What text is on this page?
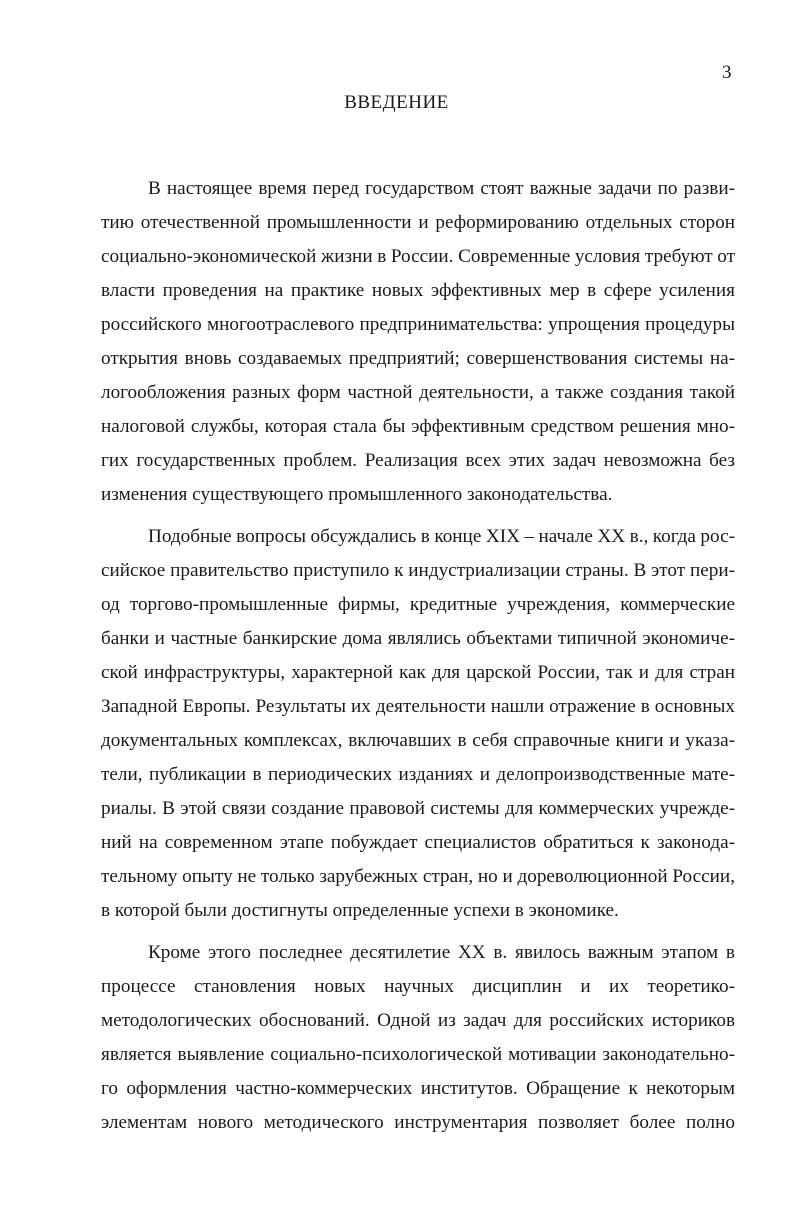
3
ВВЕДЕНИЕ
В настоящее время перед государством стоят важные задачи по разви-
тию отечественной промышленности и реформированию отдельных сторон
социально-экономической жизни в России. Современные условия требуют от
власти проведения на практике новых эффективных мер в сфере усиления
российского многоотраслевого предпринимательства: упрощения процедуры
открытия вновь создаваемых предприятий; совершенствования системы на-
логообложения разных форм частной деятельности, а также создания такой
налоговой службы, которая стала бы эффективным средством решения мно-
гих государственных проблем. Реализация всех этих задач невозможна без
изменения существующего промышленного законодательства.
Подобные вопросы обсуждались в конце XIX – начале XX в., когда рос-
сийское правительство приступило к индустриализации страны. В этот пери-
од торгово-промышленные фирмы, кредитные учреждения, коммерческие
банки и частные банкирские дома являлись объектами типичной экономиче-
ской инфраструктуры, характерной как для царской России, так и для стран
Западной Европы. Результаты их деятельности нашли отражение в основных
документальных комплексах, включавших в себя справочные книги и указа-
тели, публикации в периодических изданиях и делопроизводственные мате-
риалы. В этой связи создание правовой системы для коммерческих учрежде-
ний на современном этапе побуждает специалистов обратиться к законода-
тельному опыту не только зарубежных стран, но и дореволюционной России,
в которой были достигнуты определенные успехи в экономике.
Кроме этого последнее десятилетие XX в. явилось важным этапом в
процессе становления новых научных дисциплин и их теоретико-
методологических обоснований. Одной из задач для российских историков
является выявление социально-психологической мотивации законодательно-
го оформления частно-коммерческих институтов. Обращение к некоторым
элементам нового методического инструментария позволяет более полно
